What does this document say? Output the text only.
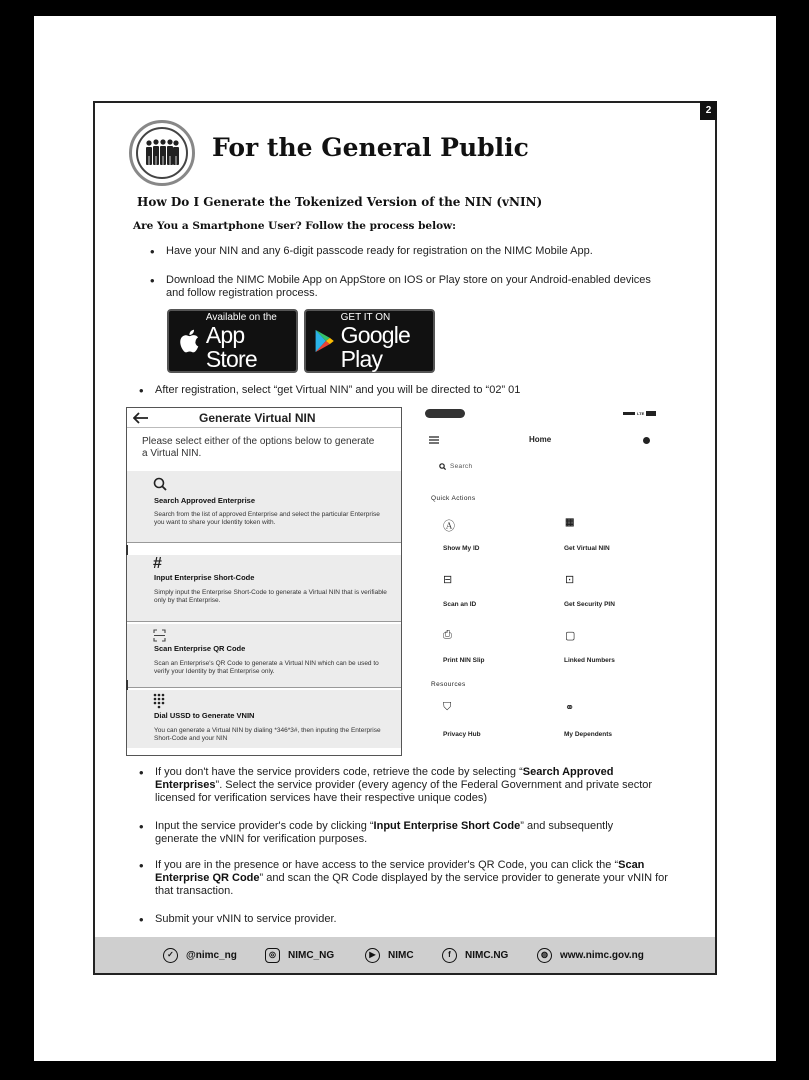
2
For the General Public
How Do I Generate the Tokenized Version of the NIN (vNIN)
Are You a Smartphone User? Follow the process below:
• Have your NIN and any 6-digit passcode ready for registration on the NIMC Mobile App.
• Download the NIMC Mobile App on AppStore on IOS or Play store on your Android-enabled devices and follow registration process.
Available on the
App Store
GET IT ON
Google Play
• After registration, select “get Virtual NIN” and you will be directed to “02” 01
Generate Virtual NIN
Please select either of the options below to generate a Virtual NIN.
Search Approved Enterprise
Search from the list of approved Enterprise and select the particular Enterprise you want to share your Identity token with.
#
Input Enterprise Short-Code
Simply input the Enterprise Short-Code to generate a Virtual NIN that is verifiable only by that Enterprise.
Scan Enterprise QR Code
Scan an Enterprise's QR Code to generate a Virtual NIN which can be used to verify your Identity by that Enterprise only.
Dial USSD to Generate VNIN
You can generate a Virtual NIN by dialing *346*3#, then inputing the Enterprise Short-Code and your NIN
LTE
Home
Search
Quick Actions
Ⓐ
Show My ID
▦
Get Virtual NIN
⊟
Scan an ID
⊡
Get Security PIN
⎙
Print NIN Slip
▢
Linked Numbers
Resources
⛉
Privacy Hub
⚭
My Dependents
• If you don't have the service providers code, retrieve the code by selecting “Search Approved Enterprises”. Select the service provider (every agency of the Federal Government and private sector licensed for verification services have their respective unique codes)
• Input the service provider's code by clicking “Input Enterprise Short Code” and subsequently generate the vNIN for verification purposes.
• If you are in the presence or have access to the service provider's QR Code, you can click the “Scan Enterprise QR Code” and scan the QR Code displayed by the service provider to generate your vNIN for that transaction.
• Submit your vNIN to service provider.
✓	@nimc_ng	◎	NIMC_NG	▶	NIMC	f	NIMC.NG	◍	www.nimc.gov.ng
